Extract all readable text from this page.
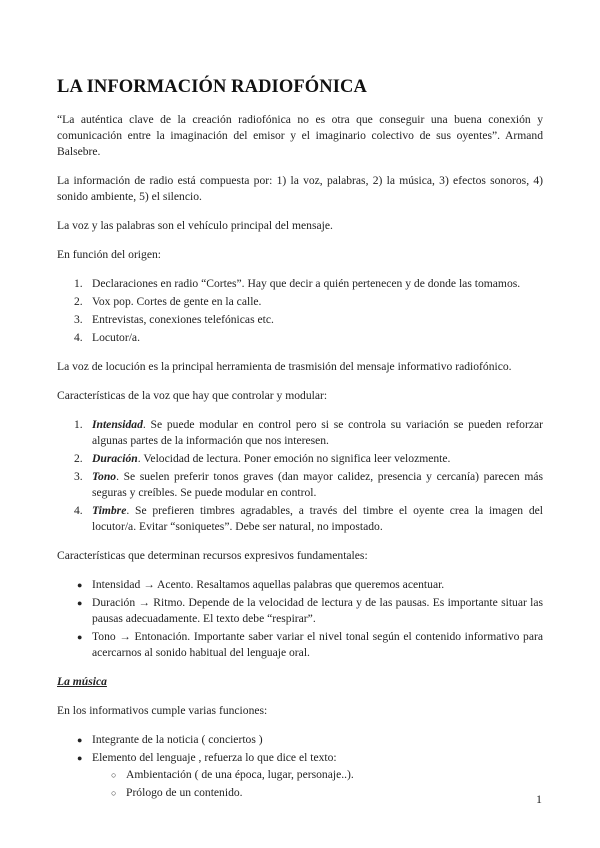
LA INFORMACIÓN RADIOFÓNICA

“La auténtica clave de la creación radiofónica no es otra que conseguir una buena conexión y comunicación entre la imaginación del emisor y el imaginario colectivo de sus oyentes”. Armand Balsebre.

La información de radio está compuesta por: 1) la voz, palabras, 2) la música, 3) efectos sonoros, 4) sonido ambiente, 5) el silencio.

La voz y las palabras son el vehículo principal del mensaje.

En función del origen:

1. Declaraciones en radio “Cortes”. Hay que decir a quién pertenecen y de donde las tomamos.
2. Vox pop. Cortes de gente en la calle.
3. Entrevistas, conexiones telefónicas etc.
4. Locutor/a.

La voz de locución es la principal herramienta de trasmisión del mensaje informativo radiofónico.

Características de la voz que hay que controlar y modular:

1. Intensidad. Se puede modular en control pero si se controla su variación se pueden reforzar algunas partes de la información que nos interesen.
2. Duración. Velocidad de lectura. Poner emoción no significa leer velozmente.
3. Tono. Se suelen preferir tonos graves (dan mayor calidez, presencia y cercanía) parecen más seguras y creíbles. Se puede modular en control.
4. Timbre. Se prefieren timbres agradables, a través del timbre el oyente crea la imagen del locutor/a. Evitar “soniquetes”. Debe ser natural, no impostado.

Características que determinan recursos expresivos fundamentales:

● Intensidad → Acento. Resaltamos aquellas palabras que queremos acentuar.
● Duración → Ritmo. Depende de la velocidad de lectura y de las pausas. Es importante situar las pausas adecuadamente. El texto debe “respirar”.
● Tono → Entonación. Importante saber variar el nivel tonal según el contenido informativo para acercarnos al sonido habitual del lenguaje oral.

La música

En los informativos cumple varias funciones:

● Integrante de la noticia ( conciertos )
● Elemento del lenguaje , refuerza lo que dice el texto:
○ Ambientación ( de una época, lugar, personaje..).
○ Prólogo de un contenido.	1
